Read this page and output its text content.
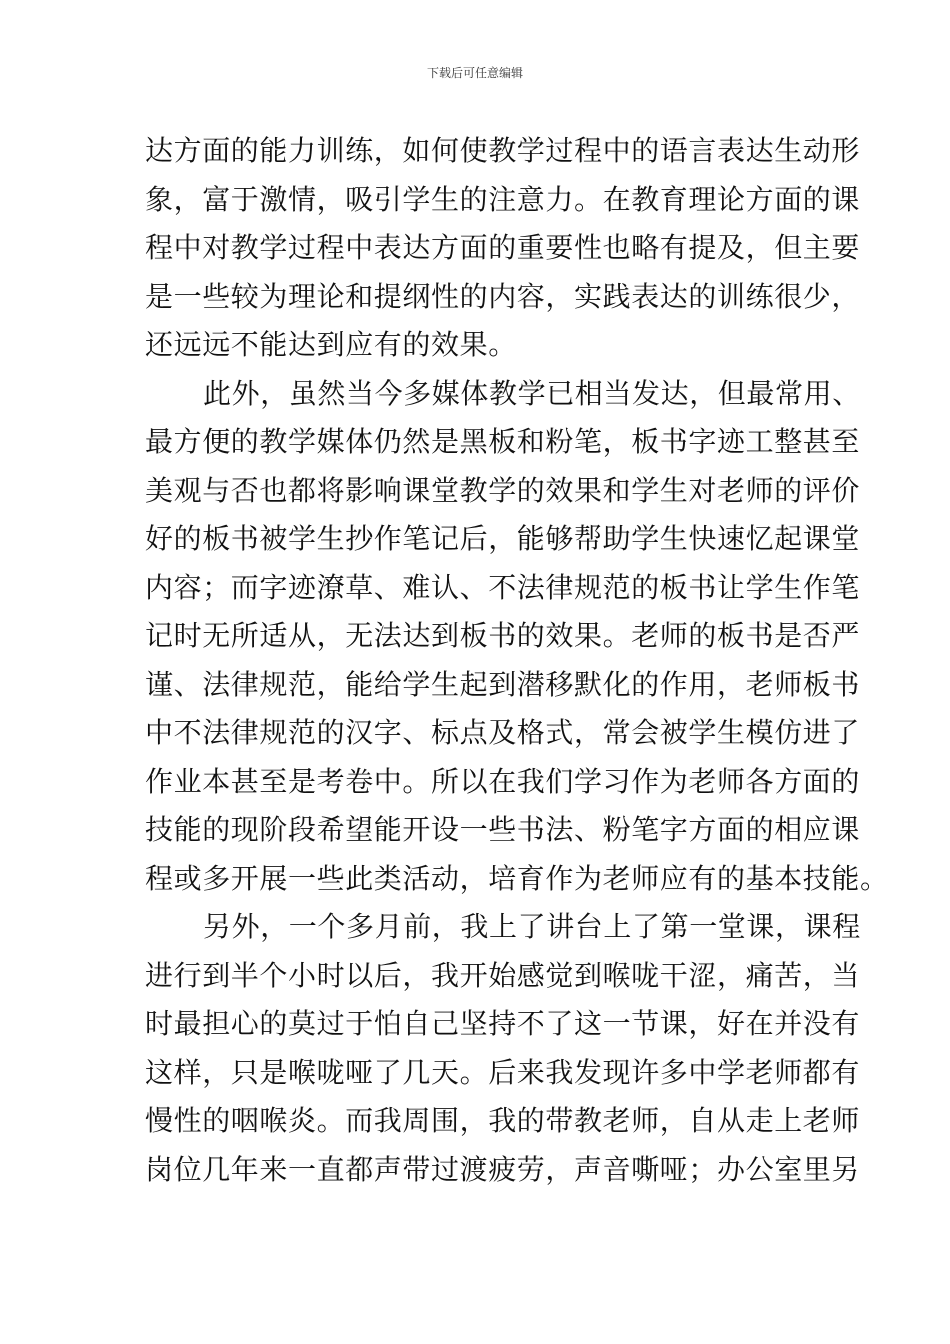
下载后可任意编辑
达方面的能力训练，如何使教学过程中的语言表达生动形
象，富于激情，吸引学生的注意力。在教育理论方面的课
程中对教学过程中表达方面的重要性也略有提及，但主要
是一些较为理论和提纲性的内容，实践表达的训练很少，
还远远不能达到应有的效果。
此外，虽然当今多媒体教学已相当发达，但最常用、
最方便的教学媒体仍然是黑板和粉笔，板书字迹工整甚至
美观与否也都将影响课堂教学的效果和学生对老师的评价
好的板书被学生抄作笔记后，能够帮助学生快速忆起课堂
内容；而字迹潦草、难认、不法律规范的板书让学生作笔
记时无所适从，无法达到板书的效果。老师的板书是否严
谨、法律规范，能给学生起到潜移默化的作用，老师板书
中不法律规范的汉字、标点及格式，常会被学生模仿进了
作业本甚至是考卷中。所以在我们学习作为老师各方面的
技能的现阶段希望能开设一些书法、粉笔字方面的相应课
程或多开展一些此类活动，培育作为老师应有的基本技能。
另外，一个多月前，我上了讲台上了第一堂课，课程
进行到半个小时以后，我开始感觉到喉咙干涩，痛苦，当
时最担心的莫过于怕自己坚持不了这一节课，好在并没有
这样，只是喉咙哑了几天。后来我发现许多中学老师都有
慢性的咽喉炎。而我周围，我的带教老师，自从走上老师
岗位几年来一直都声带过渡疲劳，声音嘶哑；办公室里另
